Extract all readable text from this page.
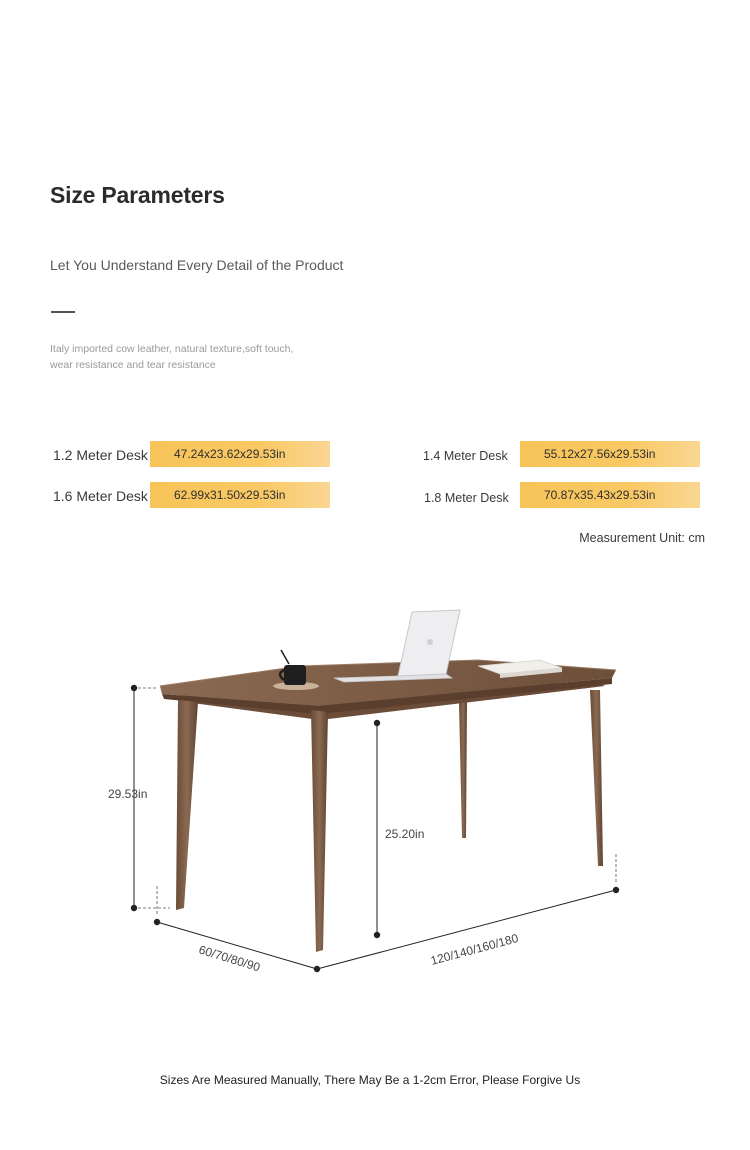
Size Parameters
Let You Understand Every Detail of the Product
Italy imported cow leather, natural texture,soft touch,
wear resistance and tear resistance
1.2 Meter Desk	47.24x23.62x29.53in	1.4 Meter Desk	55.12x27.56x29.53in
1.6 Meter Desk	62.99x31.50x29.53in	1.8 Meter Desk	70.87x35.43x29.53in
Measurement Unit: cm
29.53in
25.20in
60/70/80/90	120/140/160/180
Sizes Are Measured Manually, There May Be a 1-2cm Error, Please Forgive Us
